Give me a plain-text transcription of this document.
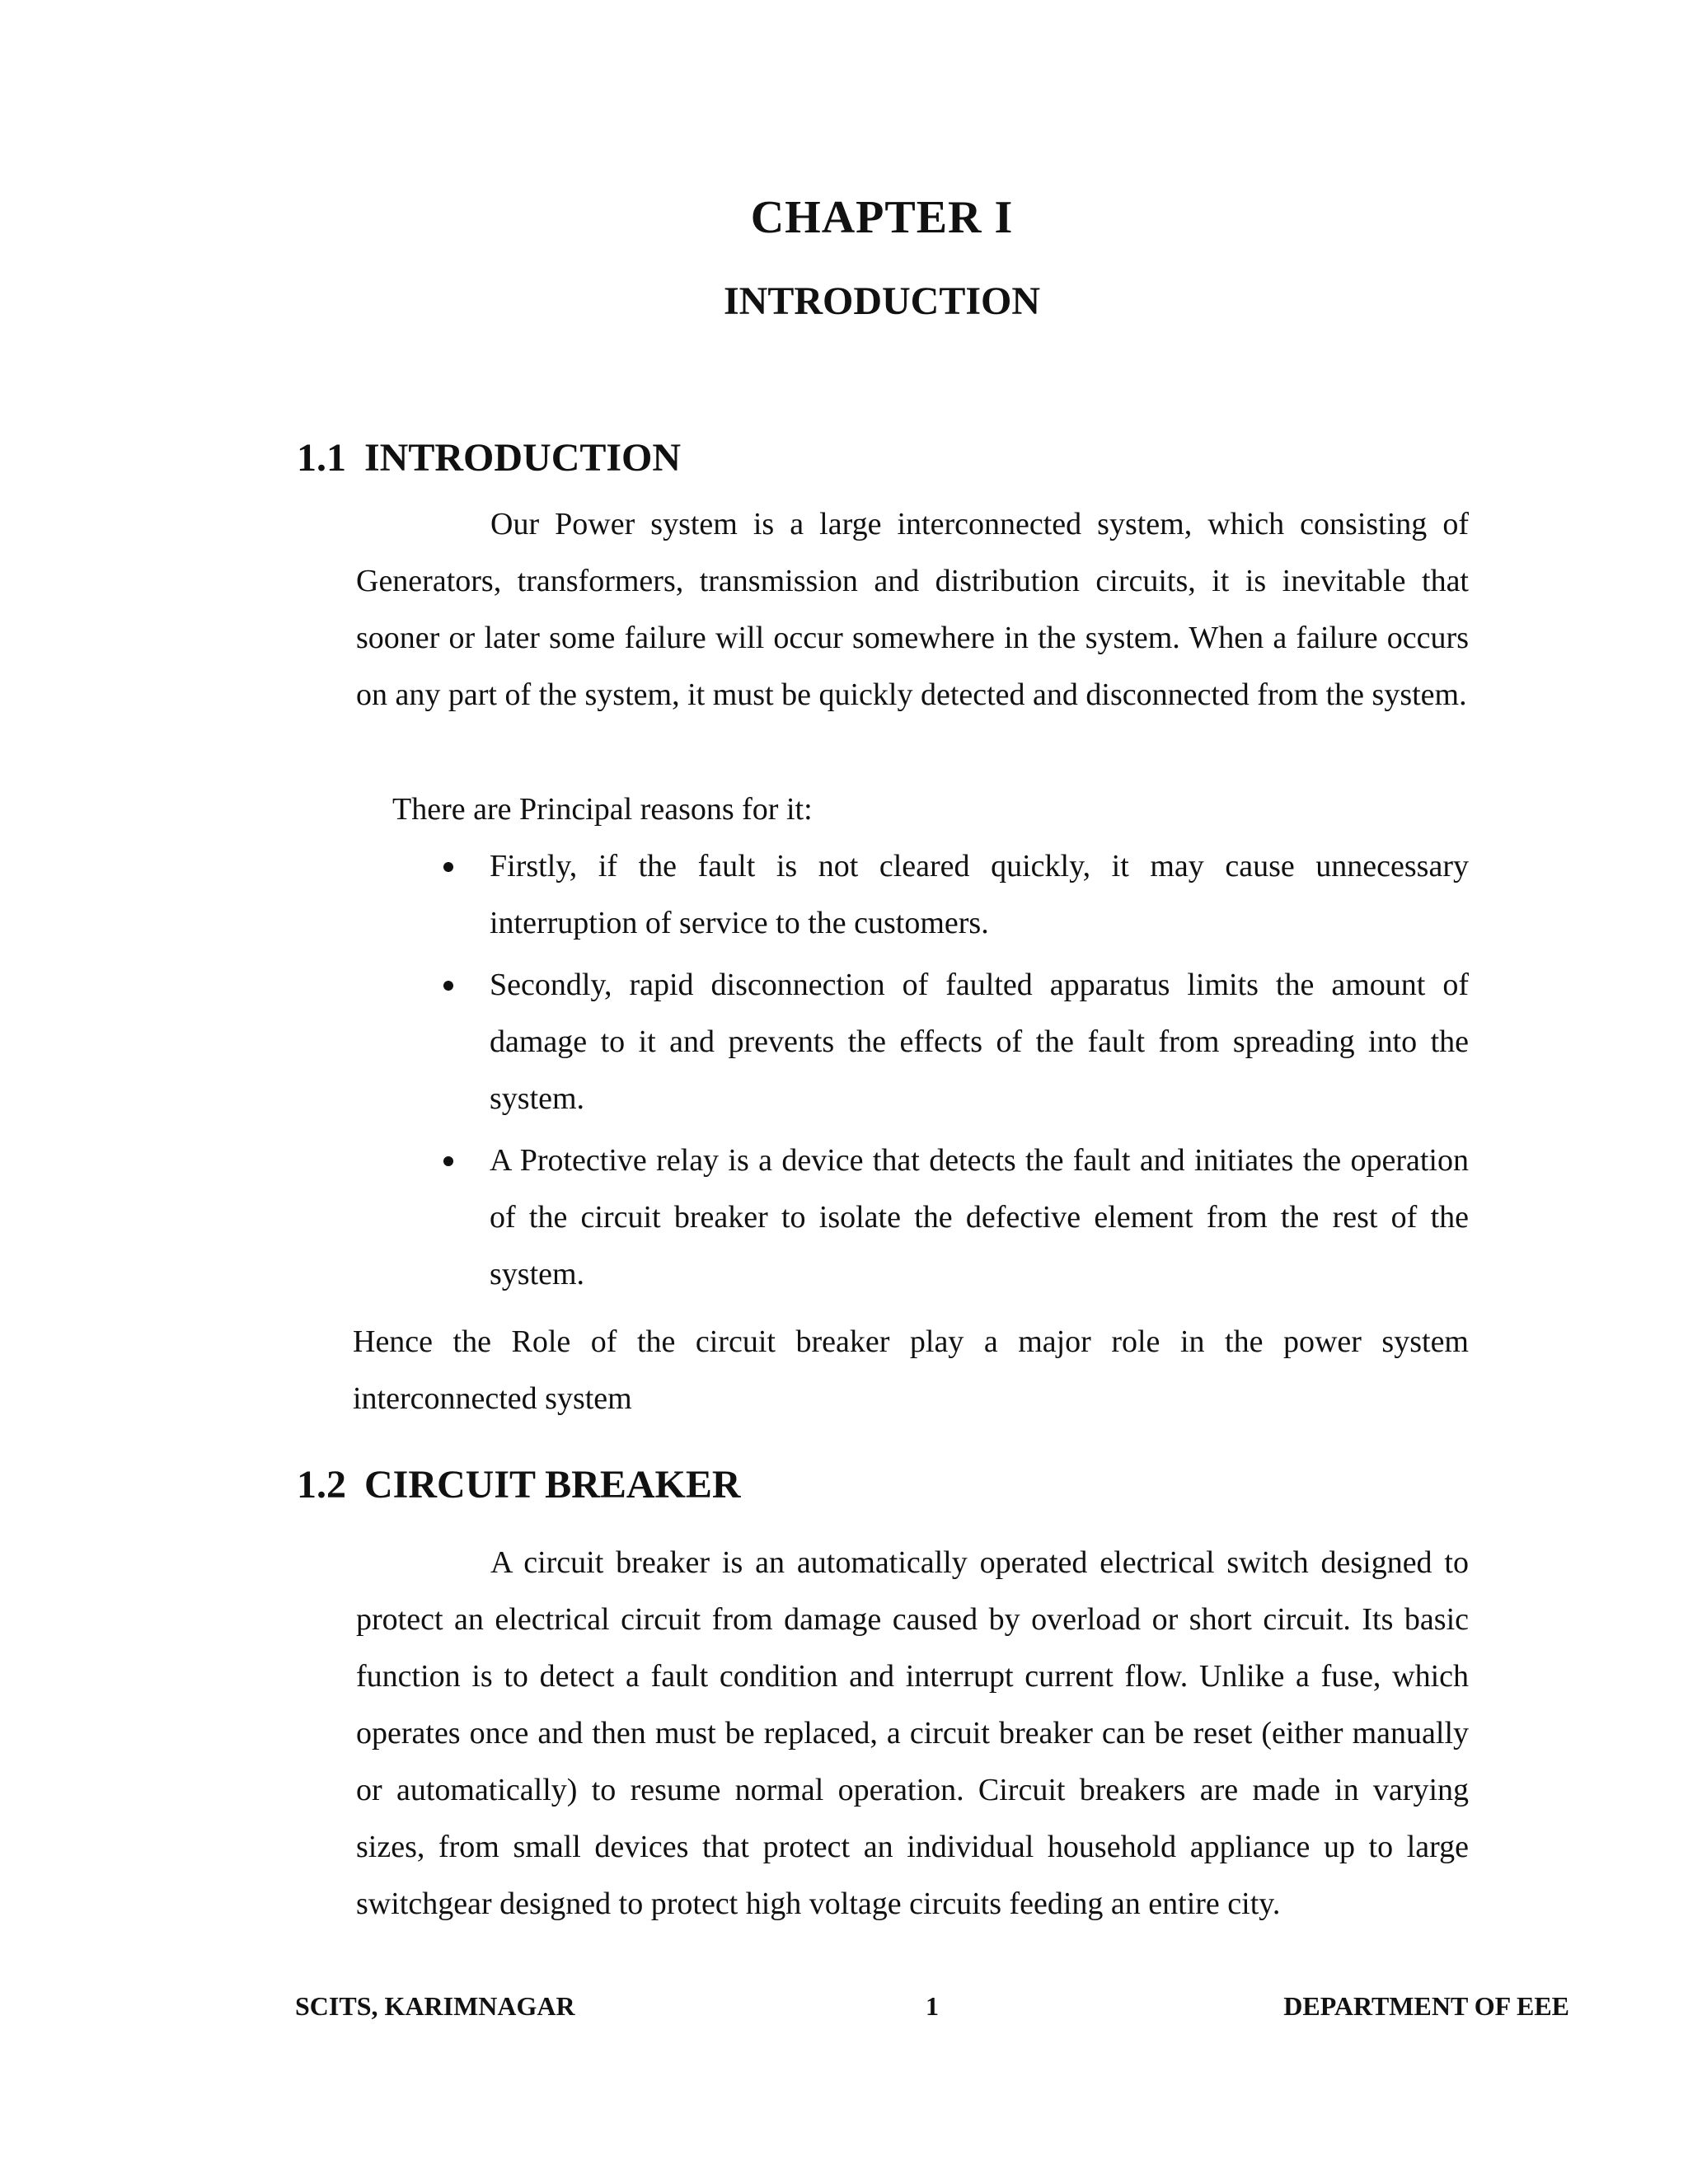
CHAPTER I
INTRODUCTION
1.1 INTRODUCTION
Our Power system is a large interconnected system, which consisting of Generators, transformers, transmission and distribution circuits, it is inevitable that sooner or later some failure will occur somewhere in the system. When a failure occurs on any part of the system, it must be quickly detected and disconnected from the system.
There are Principal reasons for it:
Firstly, if the fault is not cleared quickly, it may cause unnecessary interruption of service to the customers.
Secondly, rapid disconnection of faulted apparatus limits the amount of damage to it and prevents the effects of the fault from spreading into the system.
A Protective relay is a device that detects the fault and initiates the operation of the circuit breaker to isolate the defective element from the rest of the system.
Hence the Role of the circuit breaker play a major role in the power system interconnected system
1.2 CIRCUIT BREAKER
A circuit breaker is an automatically operated electrical switch designed to protect an electrical circuit from damage caused by overload or short circuit. Its basic function is to detect a fault condition and interrupt current flow. Unlike a fuse, which operates once and then must be replaced, a circuit breaker can be reset (either manually or automatically) to resume normal operation. Circuit breakers are made in varying sizes, from small devices that protect an individual household appliance up to large switchgear designed to protect high voltage circuits feeding an entire city.
SCITS, KARIMNAGAR	1	DEPARTMENT OF EEE
